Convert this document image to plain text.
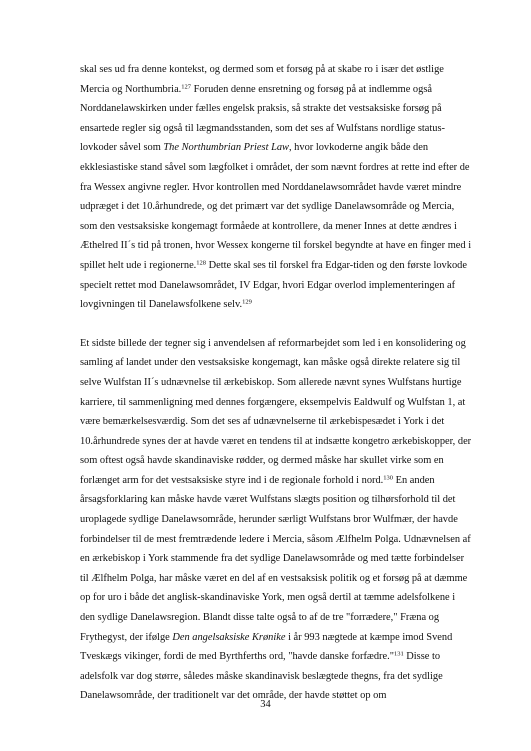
skal ses ud fra denne kontekst, og dermed som et forsøg på at skabe ro i især det østlige
Mercia og Northumbria.$^{127}$ Foruden denne ensretning og forsøg på at indlemme også
Norddanelawskirken under fælles engelsk praksis, så strakte det vestsaksiske forsøg på
ensartede regler sig også til lægmandsstanden, som det ses af Wulfstans nordlige status-
lovkoder såvel som The Northumbrian Priest Law, hvor lovkoderne angik både den
ekklesiastiske stand såvel som lægfolket i området, der som nævnt fordres at rette ind efter de
fra Wessex angivne regler. Hvor kontrollen med Norddanelawsområdet havde været mindre
udpræget i det 10.århundrede, og det primært var det sydlige Danelawsområde og Mercia,
som den vestsaksiske kongemagt formåede at kontrollere, da mener Innes at dette ændres i
Æthelred II´s tid på tronen, hvor Wessex kongerne til forskel begyndte at have en finger med i
spillet helt ude i regionerne.$^{128}$ Dette skal ses til forskel fra Edgar-tiden og den første lovkode
specielt rettet mod Danelawsområdet, IV Edgar, hvori Edgar overlod implementeringen af
lovgivningen til Danelawsfolkene selv.$^{129}$

Et sidste billede der tegner sig i anvendelsen af reformarbejdet som led i en konsolidering og
samling af landet under den vestsaksiske kongemagt, kan måske også direkte relatere sig til
selve Wulfstan II´s udnævnelse til ærkebiskop. Som allerede nævnt synes Wulfstans hurtige
karriere, til sammenligning med dennes forgængere, eksempelvis Ealdwulf og Wulfstan 1, at
være bemærkelsesværdig. Som det ses af udnævnelserne til ærkebispesædet i York i det
10.århundrede synes der at havde været en tendens til at indsætte kongetro ærkebiskopper, der
som oftest også havde skandinaviske rødder, og dermed måske har skullet virke som en
forlænget arm for det vestsaksiske styre ind i de regionale forhold i nord.$^{130}$ En anden
årsagsforklaring kan måske havde været Wulfstans slægts position og tilhørsforhold til det
uroplagede sydlige Danelawsområde, herunder særligt Wulfstans bror Wulfmær, der havde
forbindelser til de mest fremtrædende ledere i Mercia, såsom Ælfhelm Polga. Udnævnelsen af
en ærkebiskop i York stammende fra det sydlige Danelawsområde og med tætte forbindelser
til Ælfhelm Polga, har måske været en del af en vestsaksisk politik og et forsøg på at dæmme
op for uro i både det anglisk-skandinaviske York, men også dertil at tæmme adelsfolkene i
den sydlige Danelawsregion. Blandt disse talte også to af de tre "forrædere," Fræna og
Frythegyst, der ifølge Den angelsaksiske Krønike i år 993 nægtede at kæmpe imod Svend
Tveskægs vikinger, fordi de med Byrthferths ord, "havde danske forfædre."$^{131}$ Disse to
adelsfolk var dog større, således måske skandinavisk beslægtede thegns, fra det sydlige
Danelawsområde, der traditionelt var det område, der havde støttet op om

34
